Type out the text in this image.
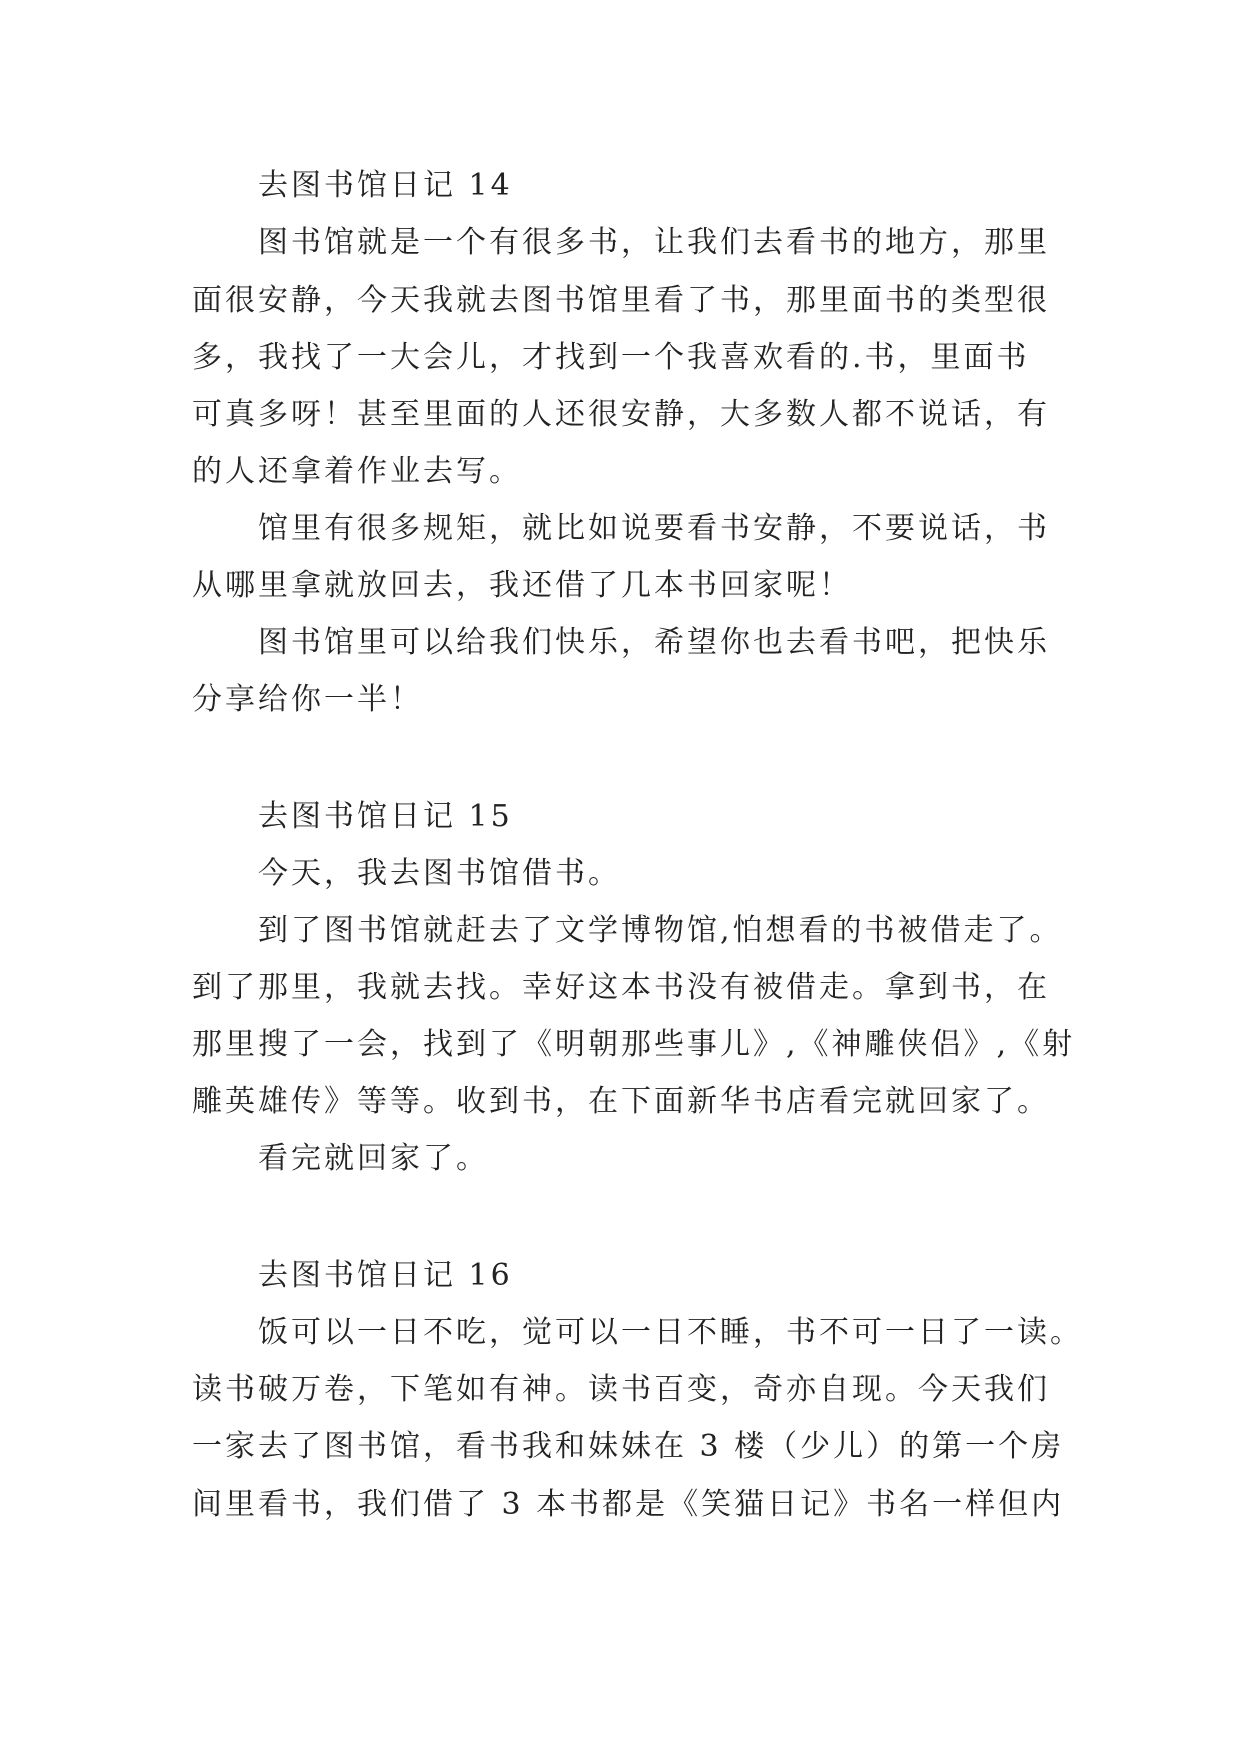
去图书馆日记 14
图书馆就是一个有很多书，让我们去看书的地方，那里
面很安静，今天我就去图书馆里看了书，那里面书的类型很
多，我找了一大会儿，才找到一个我喜欢看的.书，里面书
可真多呀！甚至里面的人还很安静，大多数人都不说话，有
的人还拿着作业去写。
馆里有很多规矩，就比如说要看书安静，不要说话，书
从哪里拿就放回去，我还借了几本书回家呢！
图书馆里可以给我们快乐，希望你也去看书吧，把快乐
分享给你一半！
去图书馆日记 15
今天，我去图书馆借书。
到了图书馆就赶去了文学博物馆,怕想看的书被借走了。
到了那里，我就去找。幸好这本书没有被借走。拿到书，在
那里搜了一会，找到了《明朝那些事儿》,《神雕侠侣》,《射
雕英雄传》等等。收到书，在下面新华书店看完就回家了。
看完就回家了。
去图书馆日记 16
饭可以一日不吃，觉可以一日不睡，书不可一日了一读。
读书破万卷，下笔如有神。读书百变，奇亦自现。今天我们
一家去了图书馆，看书我和妹妹在 3 楼（少儿）的第一个房
间里看书，我们借了 3 本书都是《笑猫日记》书名一样但内
